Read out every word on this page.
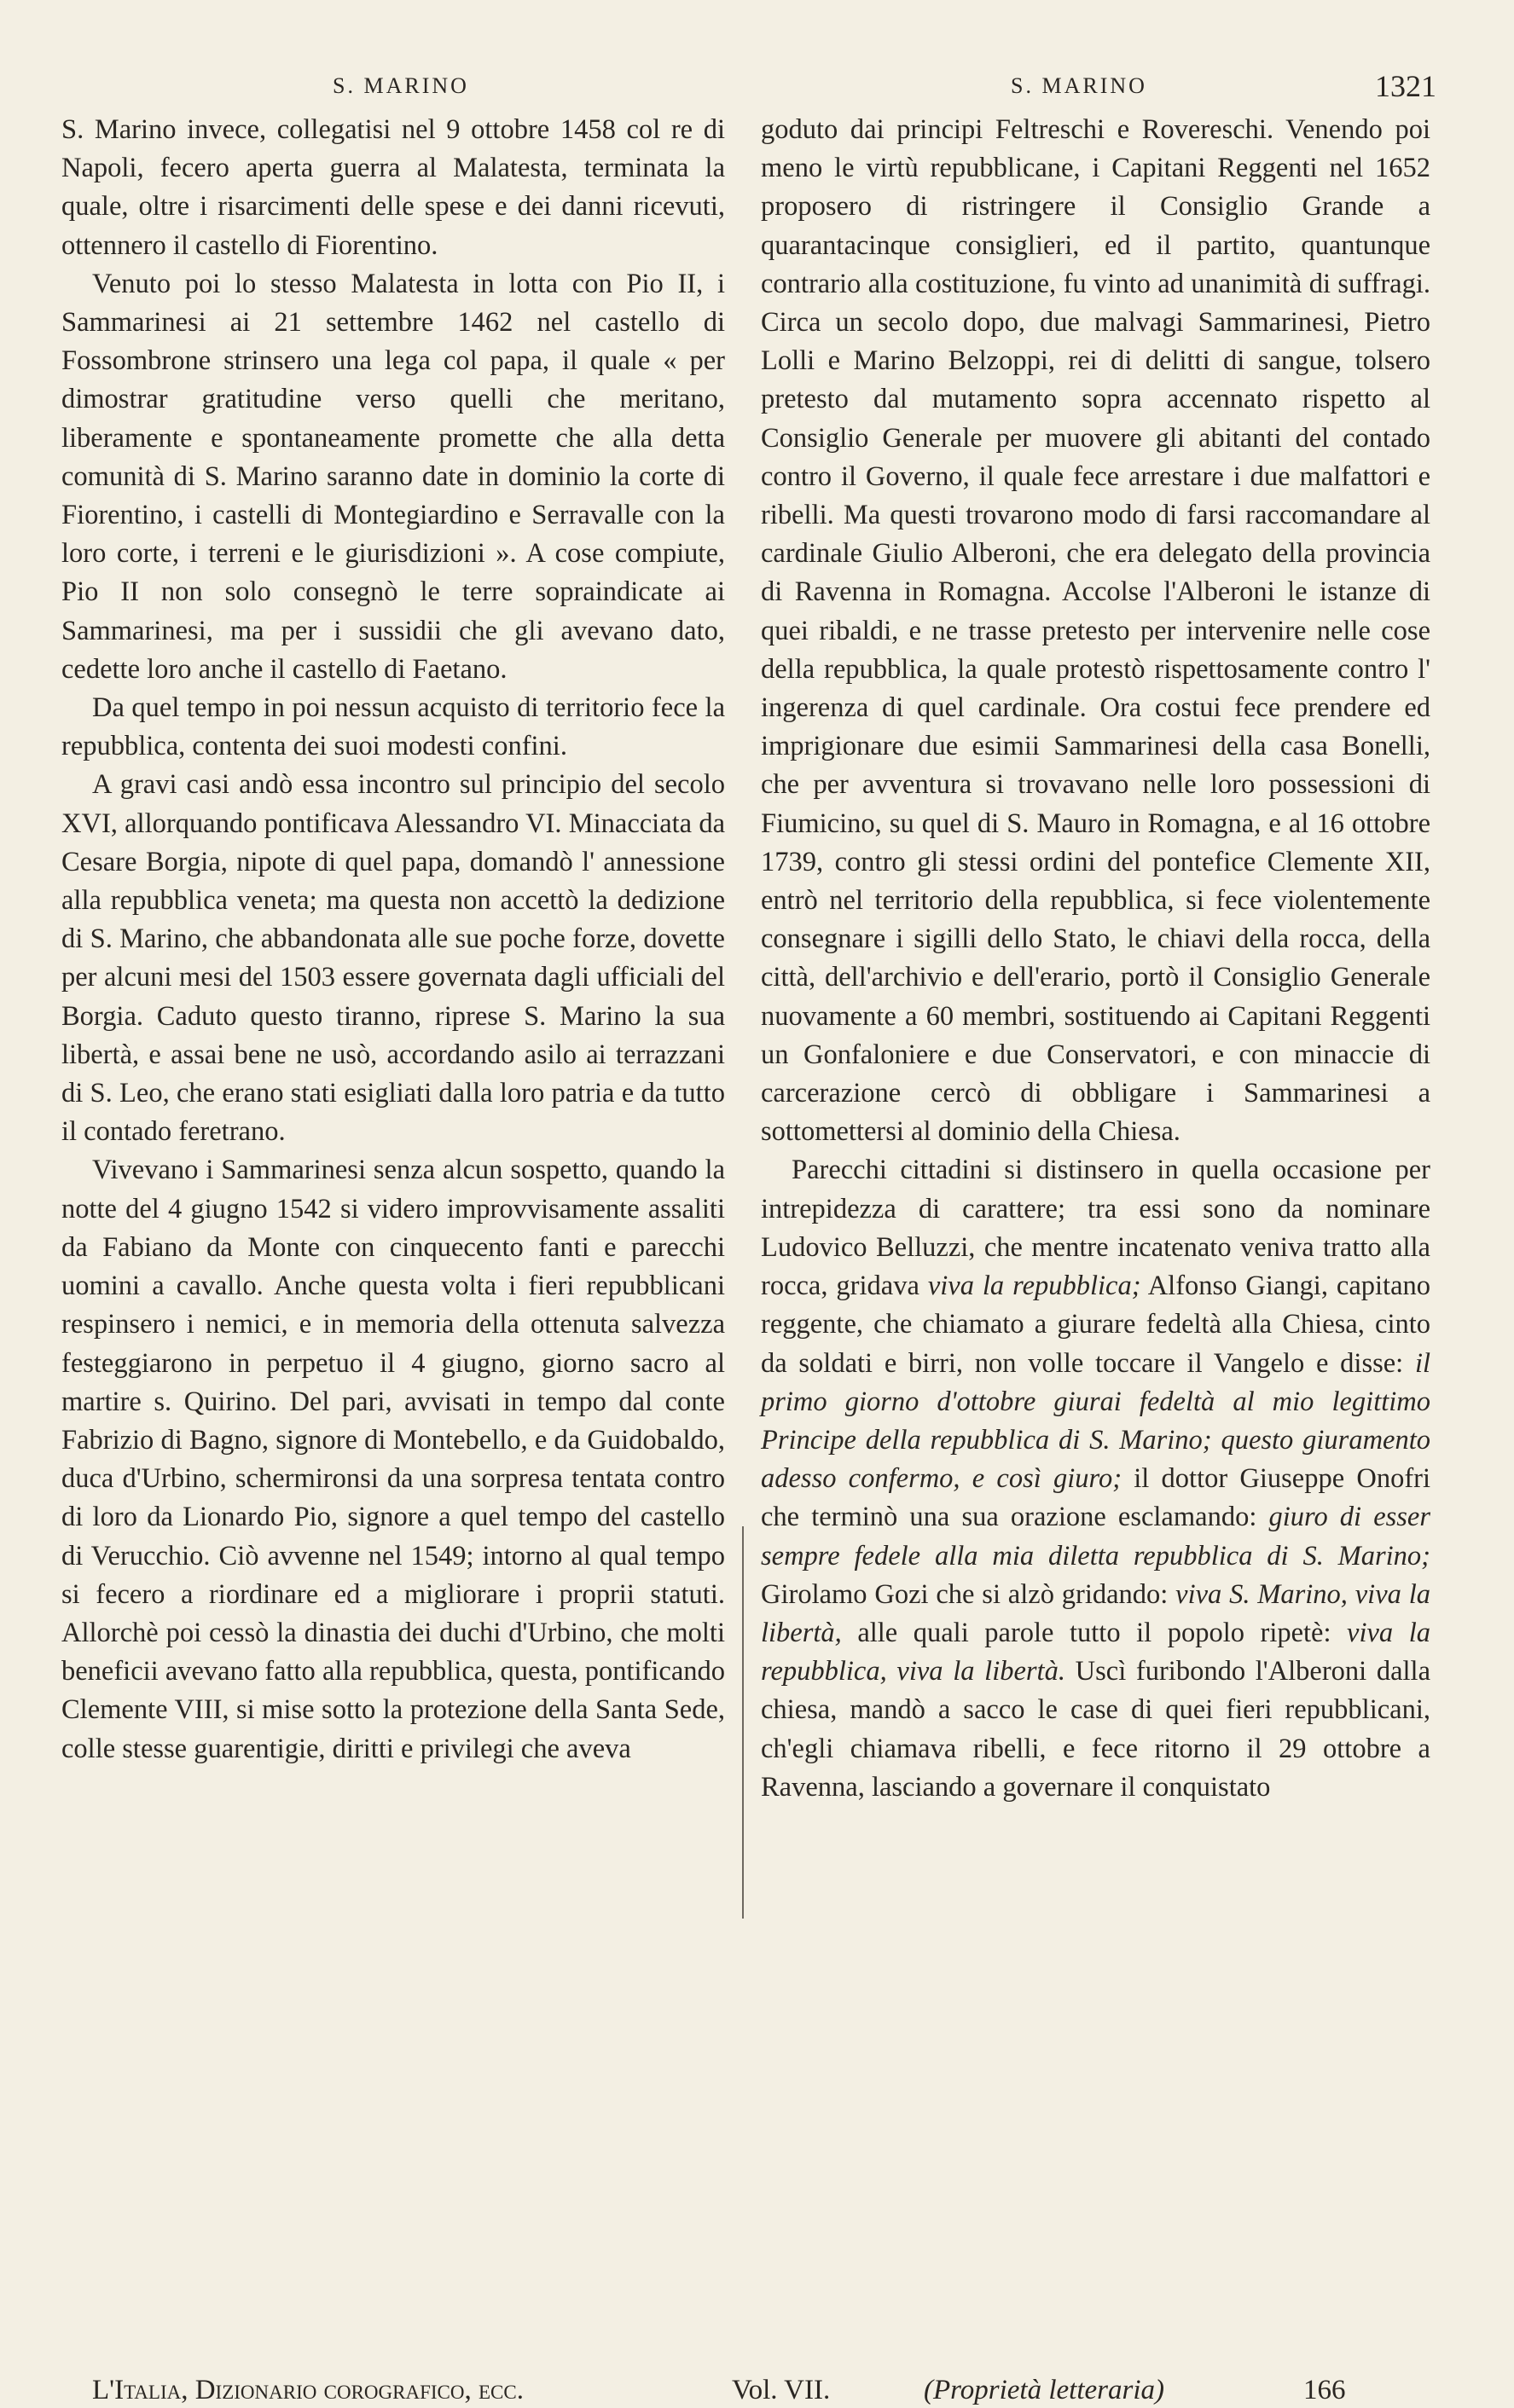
S. MARINO	S. MARINO	1321

S. Marino invece, collegatisi nel 9 ottobre 1458 col re di Napoli, fecero aperta guerra al Malatesta, terminata la quale, oltre i risarcimenti delle spese e dei danni ricevuti, ottennero il castello di Fiorentino.

Venuto poi lo stesso Malatesta in lotta con Pio II, i Sammarinesi ai 21 settembre 1462 nel castello di Fossombrone strinsero una lega col papa, il quale « per dimostrar gratitudine verso quelli che meritano, liberamente e spontaneamente promette che alla detta comunità di S. Marino saranno date in dominio la corte di Fiorentino, i castelli di Montegiardino e Serravalle con la loro corte, i terreni e le giurisdizioni ». A cose compiute, Pio II non solo consegnò le terre sopraindicate ai Sammarinesi, ma per i sussidii che gli avevano dato, cedette loro anche il castello di Faetano.

Da quel tempo in poi nessun acquisto di territorio fece la repubblica, contenta dei suoi modesti confini.

A gravi casi andò essa incontro sul principio del secolo XVI, allorquando pontificava Alessandro VI. Minacciata da Cesare Borgia, nipote di quel papa, domandò l' annessione alla repubblica veneta; ma questa non accettò la dedizione di S. Marino, che abbandonata alle sue poche forze, dovette per alcuni mesi del 1503 essere governata dagli ufficiali del Borgia. Caduto questo tiranno, riprese S. Marino la sua libertà, e assai bene ne usò, accordando asilo ai terrazzani di S. Leo, che erano stati esigliati dalla loro patria e da tutto il contado feretrano.

Vivevano i Sammarinesi senza alcun sospetto, quando la notte del 4 giugno 1542 si videro improvvisamente assaliti da Fabiano da Monte con cinquecento fanti e parecchi uomini a cavallo. Anche questa volta i fieri repubblicani respinsero i nemici, e in memoria della ottenuta salvezza festeggiarono in perpetuo il 4 giugno, giorno sacro al martire s. Quirino. Del pari, avvisati in tempo dal conte Fabrizio di Bagno, signore di Montebello, e da Guidobaldo, duca d'Urbino, schermironsi da una sorpresa tentata contro di loro da Lionardo Pio, signore a quel tempo del castello di Verucchio. Ciò avvenne nel 1549; intorno al qual tempo si fecero a riordinare ed a migliorare i proprii statuti. Allorchè poi cessò la dinastia dei duchi d'Urbino, che molti beneficii avevano fatto alla repubblica, questa, pontificando Clemente VIII, si mise sotto la protezione della Santa Sede, colle stesse guarentigie, diritti e privilegi che aveva

goduto dai principi Feltreschi e Rovereschi. Venendo poi meno le virtù repubblicane, i Capitani Reggenti nel 1652 proposero di ristringere il Consiglio Grande a quarantacinque consiglieri, ed il partito, quantunque contrario alla costituzione, fu vinto ad unanimità di suffragi. Circa un secolo dopo, due malvagi Sammarinesi, Pietro Lolli e Marino Belzoppi, rei di delitti di sangue, tolsero pretesto dal mutamento sopra accennato rispetto al Consiglio Generale per muovere gli abitanti del contado contro il Governo, il quale fece arrestare i due malfattori e ribelli. Ma questi trovarono modo di farsi raccomandare al cardinale Giulio Alberoni, che era delegato della provincia di Ravenna in Romagna. Accolse l'Alberoni le istanze di quei ribaldi, e ne trasse pretesto per intervenire nelle cose della repubblica, la quale protestò rispettosamente contro l' ingerenza di quel cardinale. Ora costui fece prendere ed imprigionare due esimii Sammarinesi della casa Bonelli, che per avventura si trovavano nelle loro possessioni di Fiumicino, su quel di S. Mauro in Romagna, e al 16 ottobre 1739, contro gli stessi ordini del pontefice Clemente XII, entrò nel territorio della repubblica, si fece violentemente consegnare i sigilli dello Stato, le chiavi della rocca, della città, dell'archivio e dell'erario, portò il Consiglio Generale nuovamente a 60 membri, sostituendo ai Capitani Reggenti un Gonfaloniere e due Conservatori, e con minaccie di carcerazione cercò di obbligare i Sammarinesi a sottomettersi al dominio della Chiesa.

Parecchi cittadini si distinsero in quella occasione per intrepidezza di carattere; tra essi sono da nominare Ludovico Belluzzi, che mentre incatenato veniva tratto alla rocca, gridava viva la repubblica; Alfonso Giangi, capitano reggente, che chiamato a giurare fedeltà alla Chiesa, cinto da soldati e birri, non volle toccare il Vangelo e disse: il primo giorno d'ottobre giurai fedeltà al mio legittimo Principe della repubblica di S. Marino; questo giuramento adesso confermo, e così giuro; il dottor Giuseppe Onofri che terminò una sua orazione esclamando: giuro di esser sempre fedele alla mia diletta repubblica di S. Marino; Girolamo Gozi che si alzò gridando: viva S. Marino, viva la libertà, alle quali parole tutto il popolo ripetè: viva la repubblica, viva la libertà. Uscì furibondo l'Alberoni dalla chiesa, mandò a sacco le case di quei fieri repubblicani, ch'egli chiamava ribelli, e fece ritorno il 29 ottobre a Ravenna, lasciando a governare il conquistato

L'Italia, Dizionario corografico, ecc.	Vol. VII.	(Proprietà letteraria)	166
